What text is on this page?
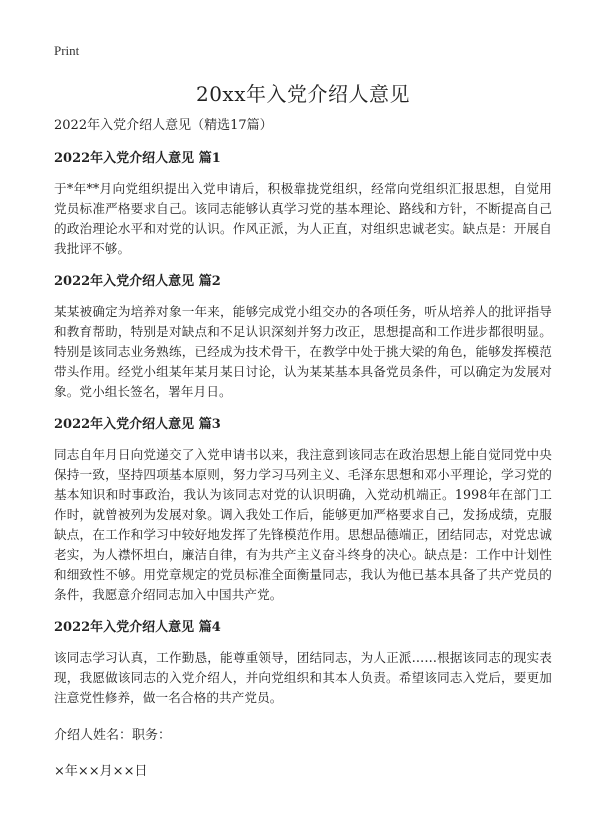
Print
20xx年入党介绍人意见

2022年入党介绍人意见（精选17篇）

2022年入党介绍人意见 篇1

于*年**月向党组织提出入党申请后，积极靠拢党组织，经常向党组织汇报思想，自觉用党员标准严格要求自己。该同志能够认真学习党的基本理论、路线和方针，不断提高自己的政治理论水平和对党的认识。作风正派，为人正直，对组织忠诚老实。缺点是：开展自我批评不够。

2022年入党介绍人意见 篇2

某某被确定为培养对象一年来，能够完成党小组交办的各项任务，听从培养人的批评指导和教育帮助，特别是对缺点和不足认识深刻并努力改正，思想提高和工作进步都很明显。特别是该同志业务熟练，已经成为技术骨干，在教学中处于挑大梁的角色，能够发挥模范带头作用。经党小组某年某月某日讨论，认为某某基本具备党员条件，可以确定为发展对象。党小组长签名，署年月日。

2022年入党介绍人意见 篇3

同志自年月日向党递交了入党申请书以来，我注意到该同志在政治思想上能自觉同党中央保持一致，坚持四项基本原则，努力学习马列主义、毛泽东思想和邓小平理论，学习党的基本知识和时事政治，我认为该同志对党的认识明确，入党动机端正。1998年在部门工作时，就曾被列为发展对象。调入我处工作后，能够更加严格要求自己，发扬成绩，克服缺点，在工作和学习中较好地发挥了先锋模范作用。思想品德端正，团结同志，对党忠诚老实，为人襟怀坦白，廉洁自律，有为共产主义奋斗终身的决心。缺点是：工作中计划性和细致性不够。用党章规定的党员标准全面衡量同志，我认为他已基本具备了共产党员的条件，我愿意介绍同志加入中国共产党。

2022年入党介绍人意见 篇4

该同志学习认真，工作勤恳，能尊重领导，团结同志，为人正派……根据该同志的现实表现，我愿做该同志的入党介绍人，并向党组织和其本人负责。希望该同志入党后，要更加注意党性修养，做一名合格的共产党员。

介绍人姓名：职务：

×年××月××日
